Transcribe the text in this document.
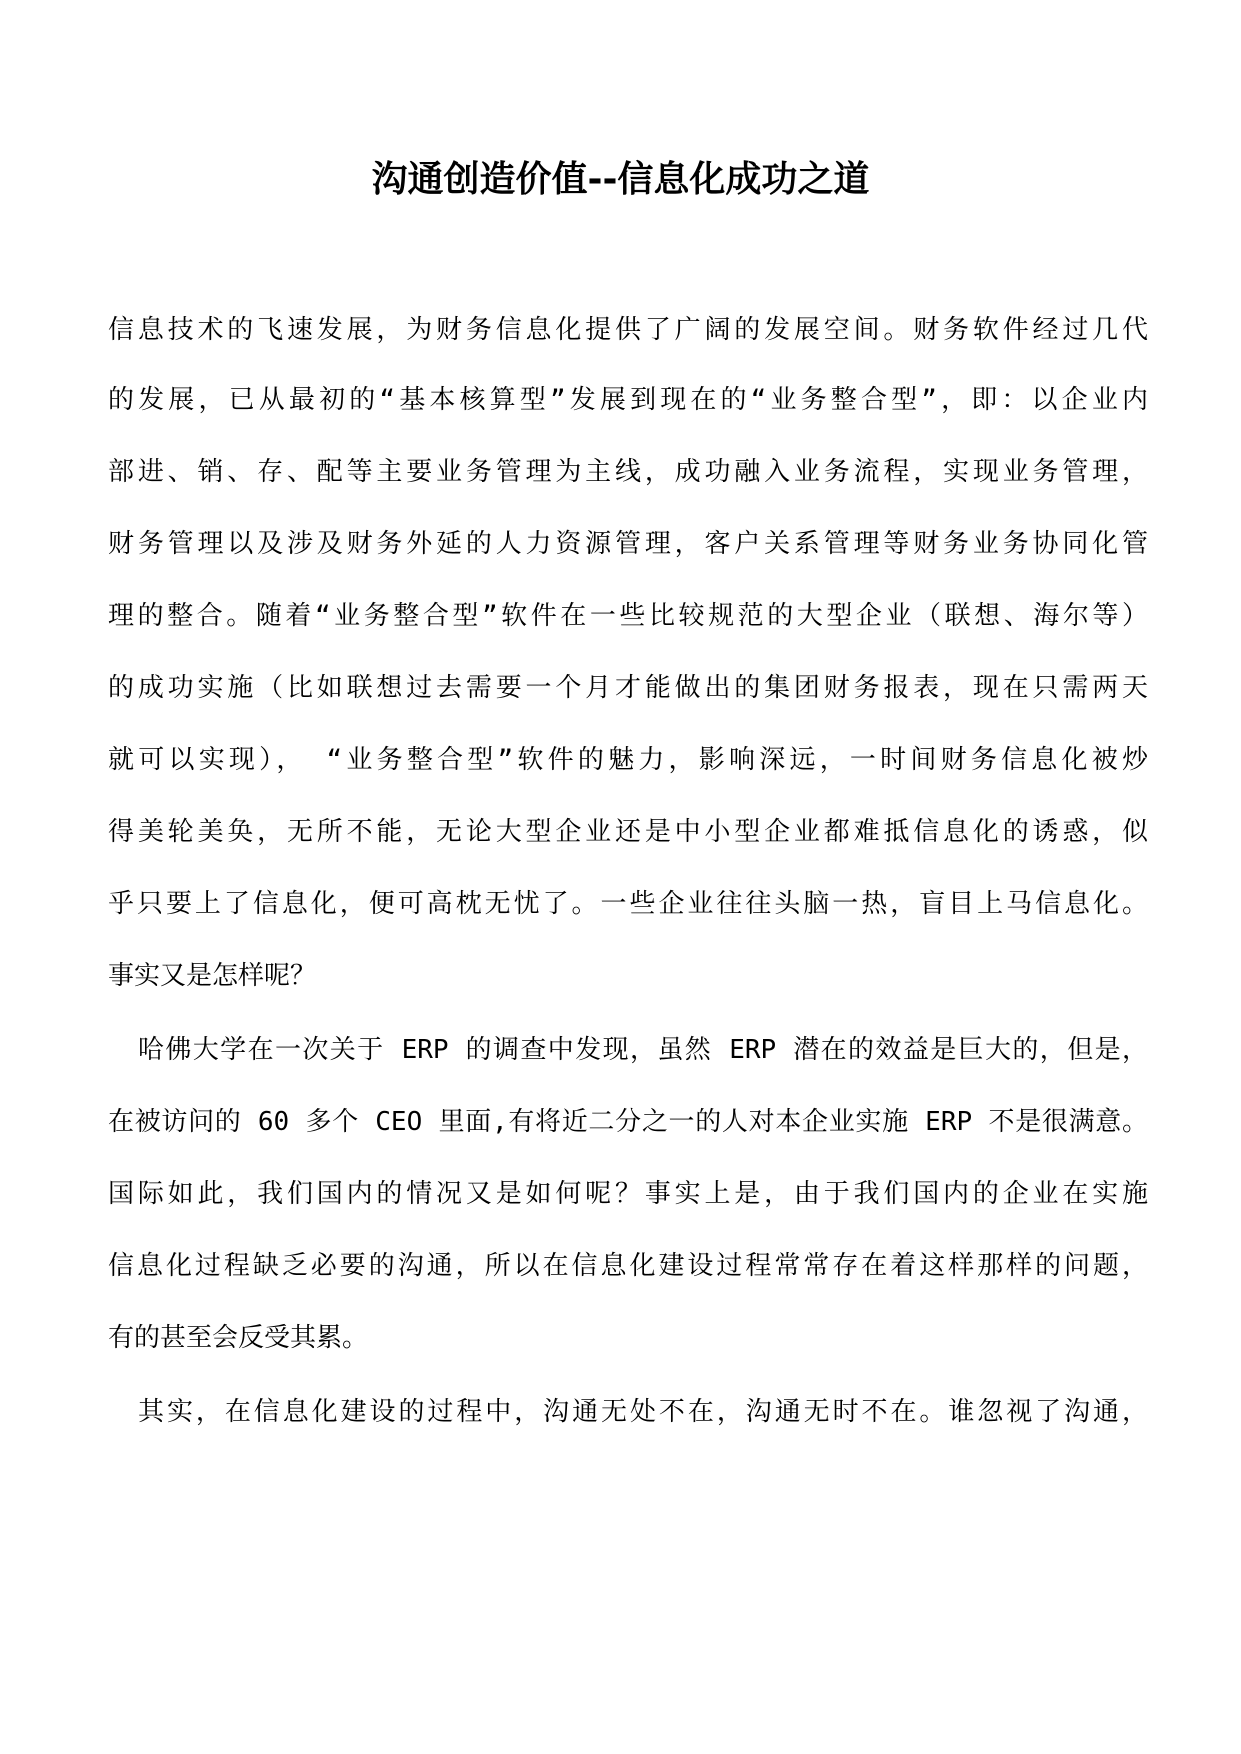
沟通创造价值--信息化成功之道
信息技术的飞速发展，为财务信息化提供了广阔的发展空间。财务软件经过几代
的发展，已从最初的“基本核算型”发展到现在的“业务整合型”，即：以企业内
部进、销、存、配等主要业务管理为主线，成功融入业务流程，实现业务管理，
财务管理以及涉及财务外延的人力资源管理，客户关系管理等财务业务协同化管
理的整合。随着“业务整合型”软件在一些比较规范的大型企业（联想、海尔等）
的成功实施（比如联想过去需要一个月才能做出的集团财务报表，现在只需两天
就可以实现）， “业务整合型”软件的魅力，影响深远，一时间财务信息化被炒
得美轮美奂，无所不能，无论大型企业还是中小型企业都难抵信息化的诱惑，似
乎只要上了信息化，便可高枕无忧了。一些企业往往头脑一热，盲目上马信息化。
事实又是怎样呢？
哈佛大学在一次关于 ERP 的调查中发现，虽然 ERP 潜在的效益是巨大的，但是，
在被访问的 60 多个 CEO 里面,有将近二分之一的人对本企业实施 ERP 不是很满意。
国际如此，我们国内的情况又是如何呢？事实上是，由于我们国内的企业在实施
信息化过程缺乏必要的沟通，所以在信息化建设过程常常存在着这样那样的问题，
有的甚至会反受其累。
其实，在信息化建设的过程中，沟通无处不在，沟通无时不在。谁忽视了沟通，
